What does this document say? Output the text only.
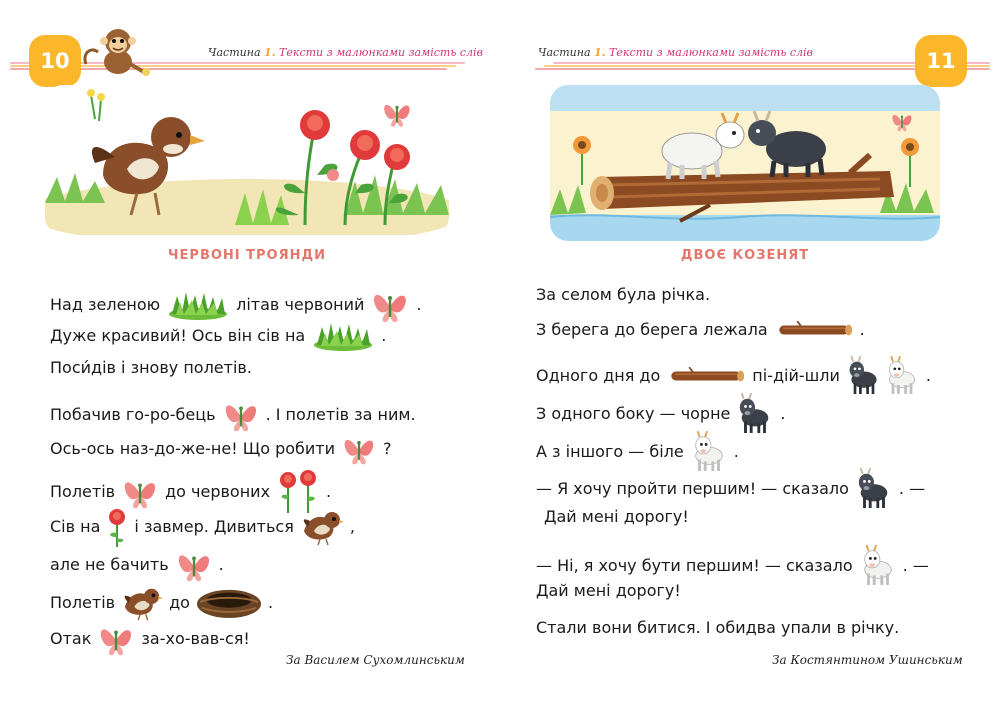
10	Частина 1. Тексти з малюнками замість слів
ЧЕРВОНІ ТРОЯНДИ
Над зеленою	літав червоний	.
Дуже красивий! Ось він сів на	.
Поси́дів і знову полетів.
Побачив го-ро-бець	. І полетів за ним.
Ось-ось наз-до-же-не! Що робити	?
Полетів	до червоних	.
Сів на і завмер. Дивиться	,
але не бачить	.
Полетів	до	.
Отак	за-хо-вав-ся!
За Василем Сухомлинським
Частина 1. Тексти з малюнками замість слів	11
ДВОЄ КОЗЕНЯТ
За селом була річка.
З берега до берега лежала	.
Одного дня до	пі-дій-шли	.
З одного боку — чорне	.
А з іншого — біле	.
— Я хочу пройти першим! — сказало	. —
Дай мені дорогу!
— Ні, я хочу бути першим! — сказало	. —
Дай мені дорогу!
Стали вони битися. І обидва упали в річку.
За Костянтином Ушинським
